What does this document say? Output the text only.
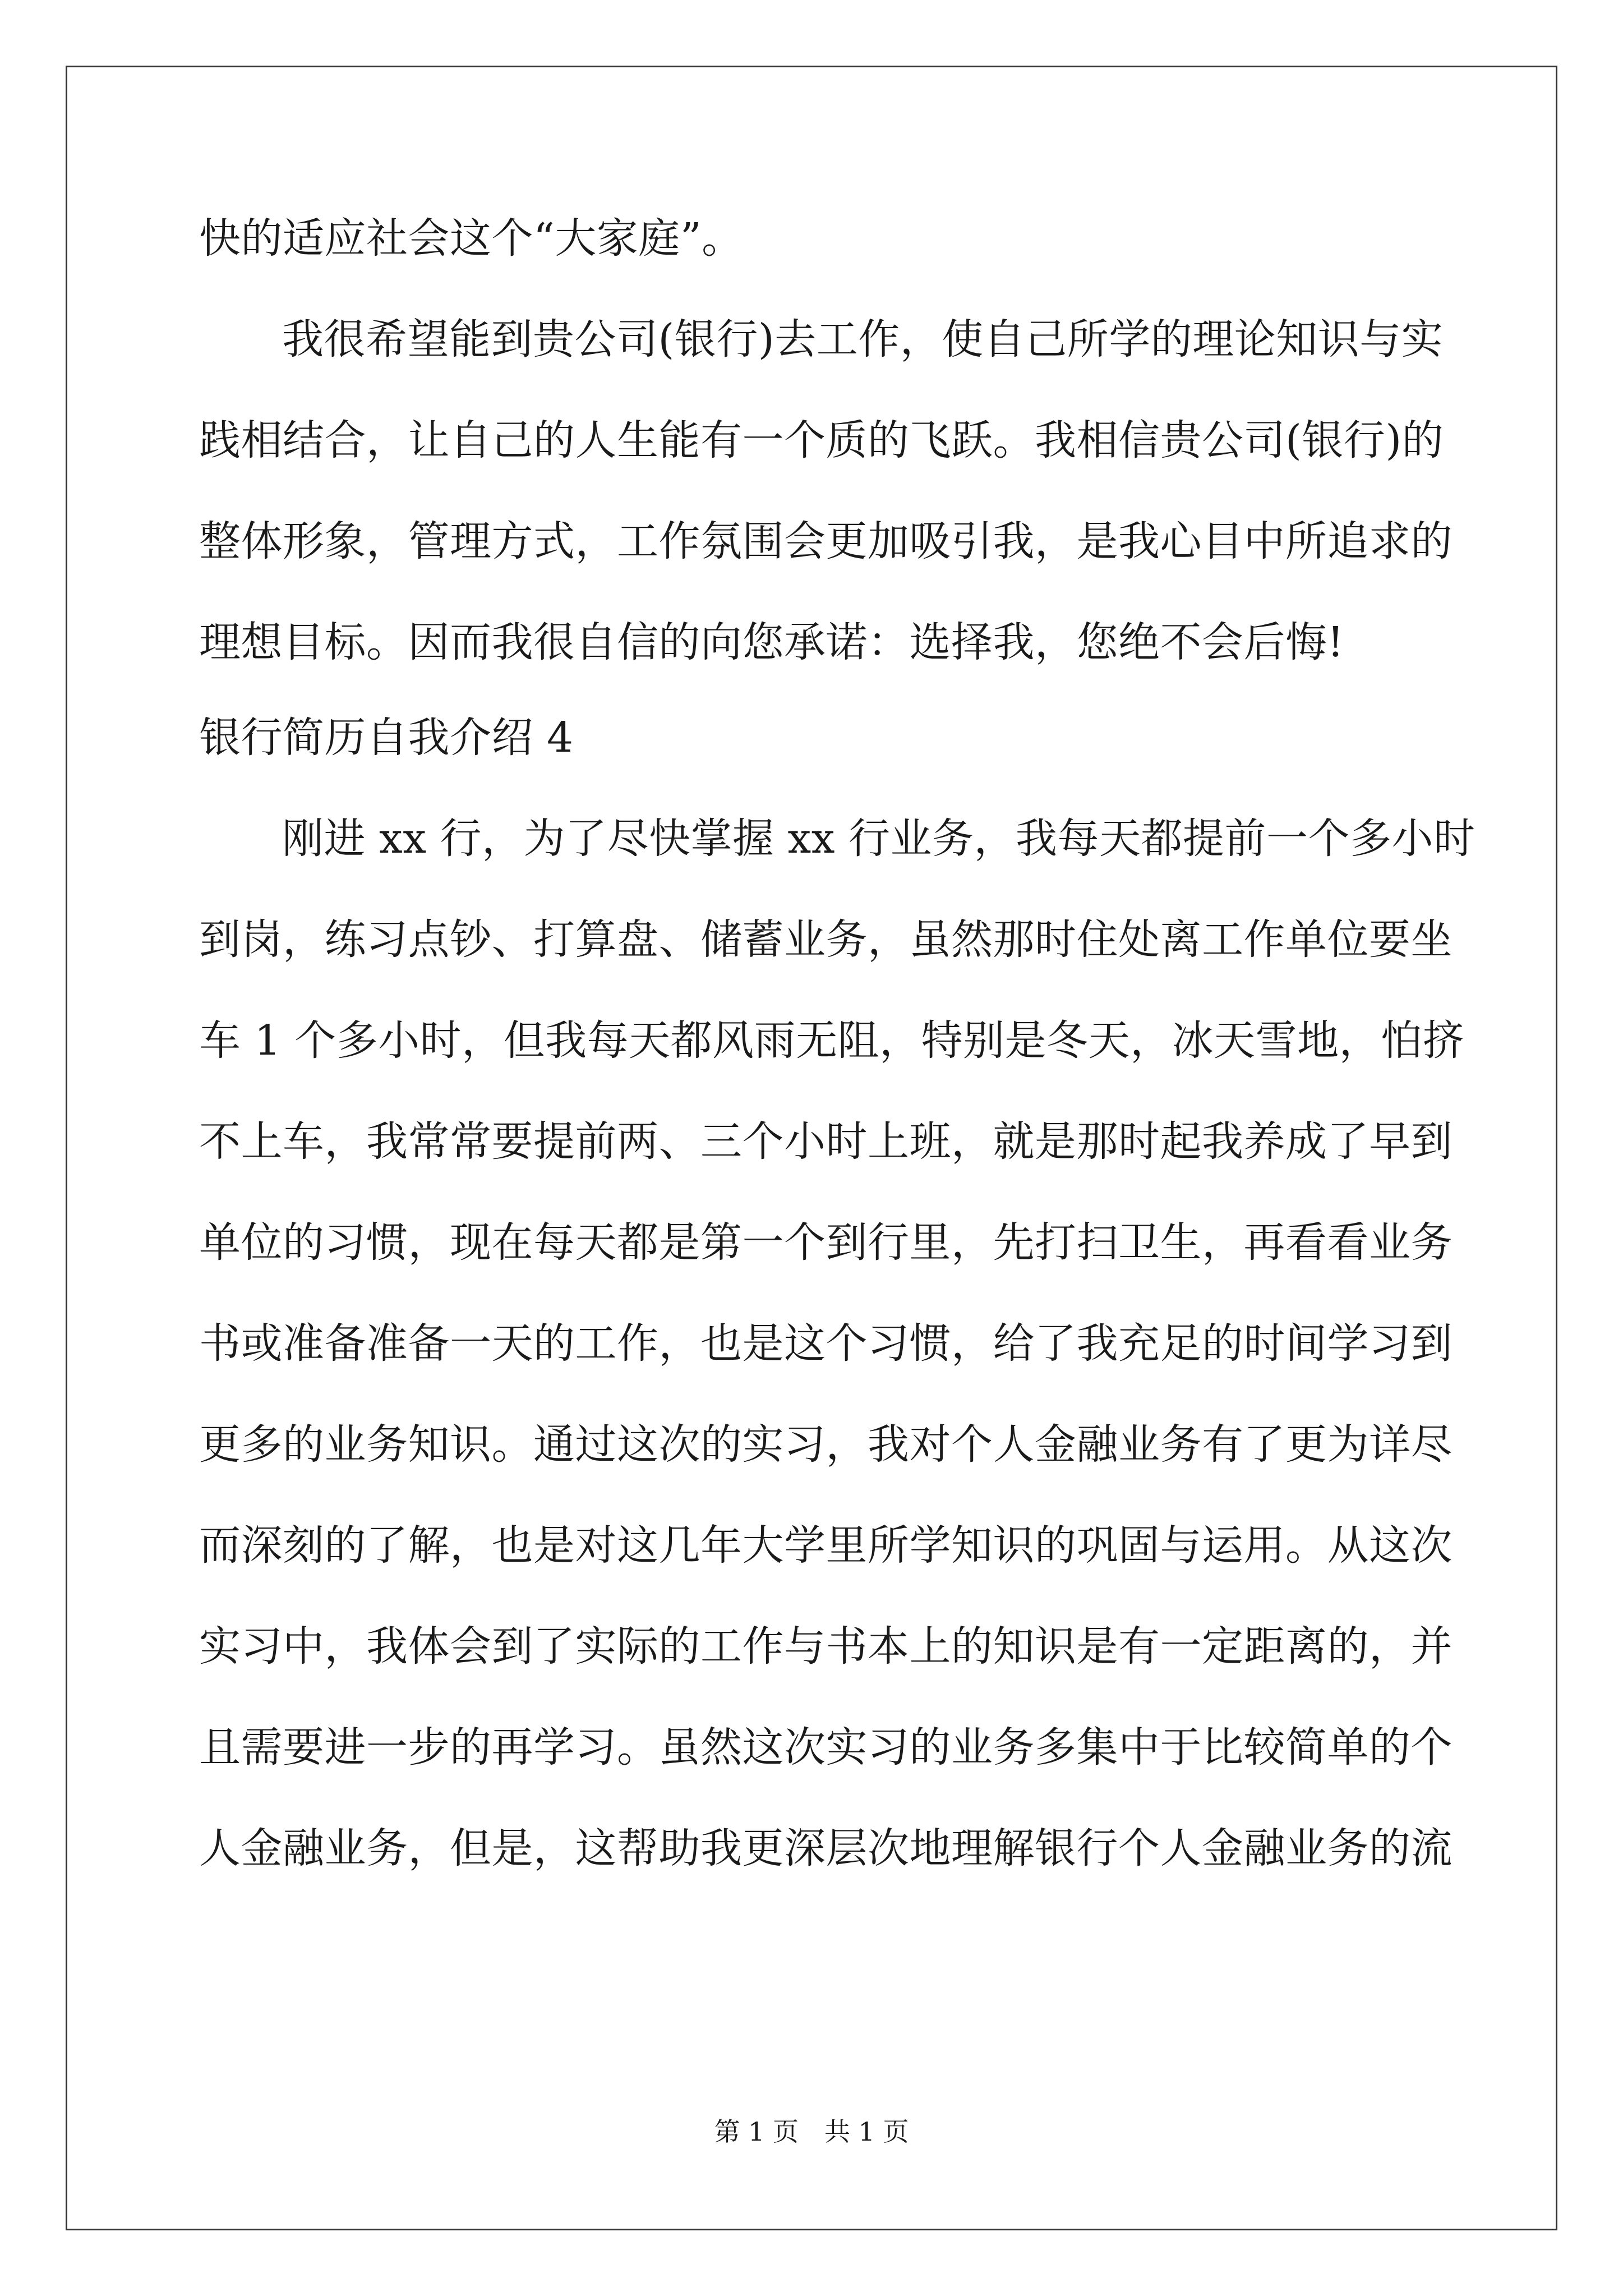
快的适应社会这个“大家庭”。
我很希望能到贵公司(银行)去工作，使自己所学的理论知识与实
践相结合，让自己的人生能有一个质的飞跃。我相信贵公司(银行)的
整体形象，管理方式，工作氛围会更加吸引我，是我心目中所追求的
理想目标。因而我很自信的向您承诺：选择我，您绝不会后悔!
银行简历自我介绍 4
刚进 xx 行，为了尽快掌握 xx 行业务，我每天都提前一个多小时
到岗，练习点钞、打算盘、储蓄业务，虽然那时住处离工作单位要坐
车 1 个多小时，但我每天都风雨无阻，特别是冬天，冰天雪地，怕挤
不上车，我常常要提前两、三个小时上班，就是那时起我养成了早到
单位的习惯，现在每天都是第一个到行里，先打扫卫生，再看看业务
书或准备准备一天的工作，也是这个习惯，给了我充足的时间学习到
更多的业务知识。通过这次的实习，我对个人金融业务有了更为详尽
而深刻的了解，也是对这几年大学里所学知识的巩固与运用。从这次
实习中，我体会到了实际的工作与书本上的知识是有一定距离的，并
且需要进一步的再学习。虽然这次实习的业务多集中于比较简单的个
人金融业务，但是，这帮助我更深层次地理解银行个人金融业务的流
第 1 页　共 1 页
